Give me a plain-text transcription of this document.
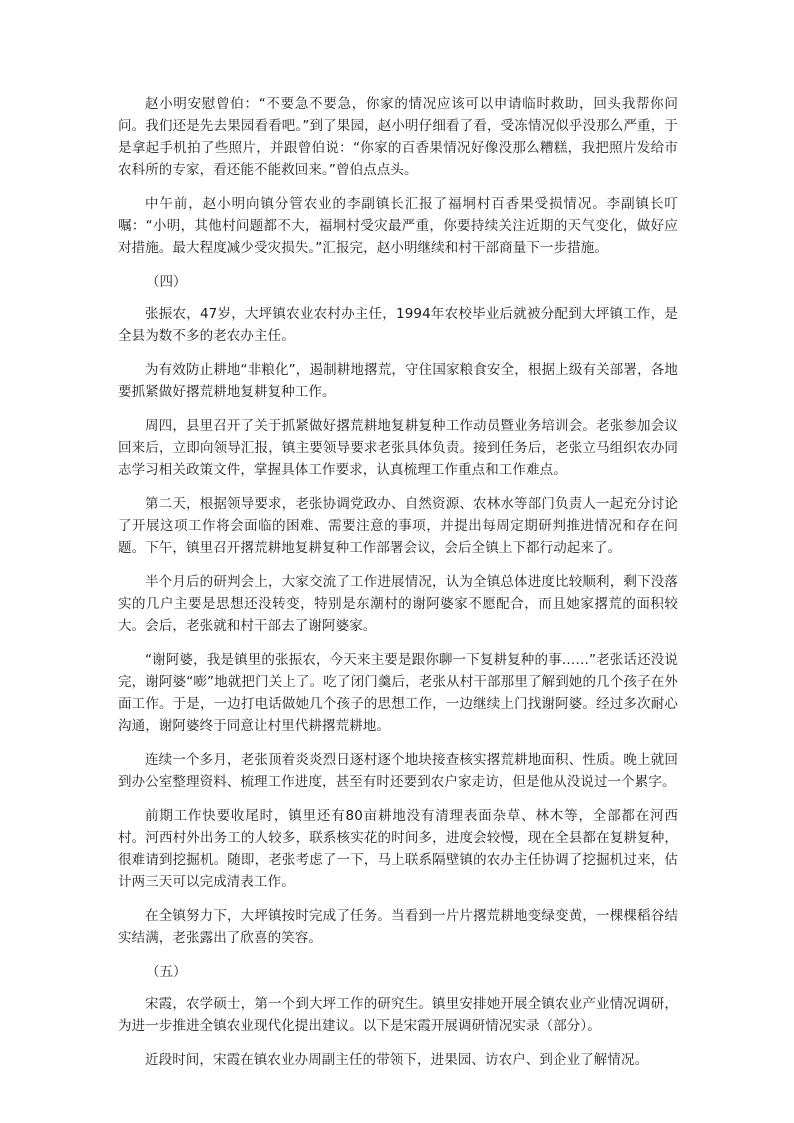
赵小明安慰曾伯：“不要急不要急，你家的情况应该可以申请临时救助，回头我帮你问问。我们还是先去果园看看吧。”到了果园，赵小明仔细看了看，受冻情况似乎没那么严重，于是拿起手机拍了些照片，并跟曾伯说：“你家的百香果情况好像没那么糟糕，我把照片发给市农科所的专家，看还能不能救回来。”曾伯点点头。

中午前，赵小明向镇分管农业的李副镇长汇报了福垌村百香果受损情况。李副镇长叮嘱：“小明，其他村问题都不大，福垌村受灾最严重，你要持续关注近期的天气变化，做好应对措施。最大程度减少受灾损失。”汇报完，赵小明继续和村干部商量下一步措施。

（四）

张振农，47岁，大坪镇农业农村办主任，1994年农校毕业后就被分配到大坪镇工作，是全县为数不多的老农办主任。

为有效防止耕地“非粮化”，遏制耕地撂荒，守住国家粮食安全，根据上级有关部署，各地要抓紧做好撂荒耕地复耕复种工作。

周四，县里召开了关于抓紧做好撂荒耕地复耕复种工作动员暨业务培训会。老张参加会议回来后，立即向领导汇报，镇主要领导要求老张具体负责。接到任务后，老张立马组织农办同志学习相关政策文件，掌握具体工作要求，认真梳理工作重点和工作难点。

第二天，根据领导要求，老张协调党政办、自然资源、农林水等部门负责人一起充分讨论了开展这项工作将会面临的困难、需要注意的事项，并提出每周定期研判推进情况和存在问题。下午，镇里召开撂荒耕地复耕复种工作部署会议，会后全镇上下都行动起来了。

半个月后的研判会上，大家交流了工作进展情况，认为全镇总体进度比较顺利，剩下没落实的几户主要是思想还没转变，特别是东潮村的谢阿婆家不愿配合，而且她家撂荒的面积较大。会后，老张就和村干部去了谢阿婆家。

“谢阿婆，我是镇里的张振农，今天来主要是跟你聊一下复耕复种的事……”老张话还没说完，谢阿婆“嘭”地就把门关上了。吃了闭门羹后，老张从村干部那里了解到她的几个孩子在外面工作。于是，一边打电话做她几个孩子的思想工作，一边继续上门找谢阿婆。经过多次耐心沟通，谢阿婆终于同意让村里代耕撂荒耕地。

连续一个多月，老张顶着炎炎烈日逐村逐个地块接查核实撂荒耕地面积、性质。晚上就回到办公室整理资料、梳理工作进度，甚至有时还要到农户家走访，但是他从没说过一个累字。

前期工作快要收尾时，镇里还有80亩耕地没有清理表面杂草、林木等，全部都在河西村。河西村外出务工的人较多，联系核实花的时间多，进度会较慢，现在全县都在复耕复种，很难请到挖掘机。随即，老张考虑了一下，马上联系隔壁镇的农办主任协调了挖掘机过来，估计两三天可以完成清表工作。

在全镇努力下，大坪镇按时完成了任务。当看到一片片撂荒耕地变绿变黄，一棵棵稻谷结实结满，老张露出了欣喜的笑容。

（五）

宋霞，农学硕士，第一个到大坪工作的研究生。镇里安排她开展全镇农业产业情况调研，为进一步推进全镇农业现代化提出建议。以下是宋霞开展调研情况实录（部分）。

近段时间，宋霞在镇农业办周副主任的带领下，进果园、访农户、到企业了解情况。
